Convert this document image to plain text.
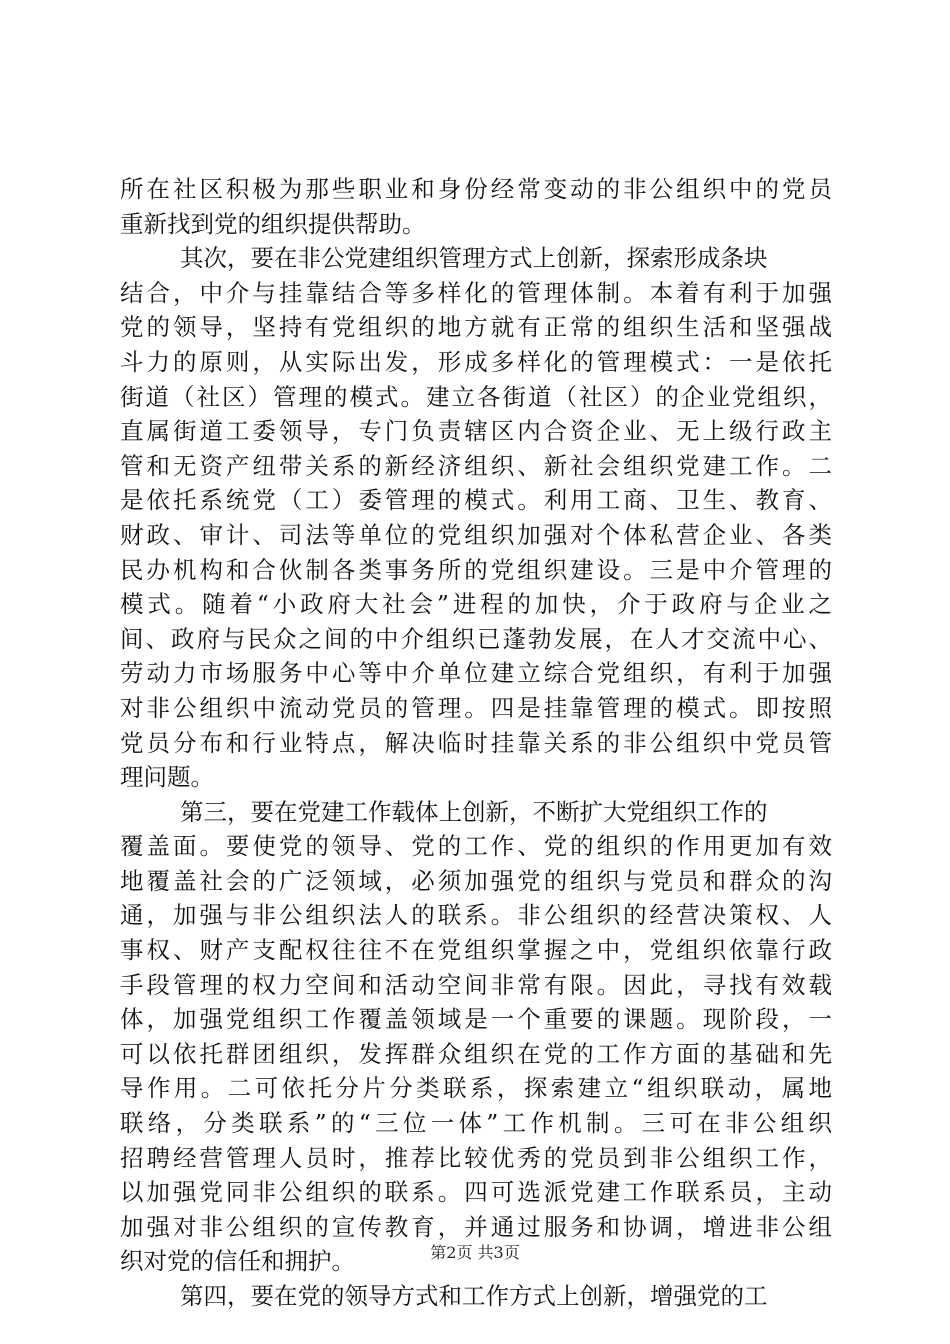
所在社区积极为那些职业和身份经常变动的非公组织中的党员
重新找到党的组织提供帮助。
其次，要在非公党建组织管理方式上创新，探索形成条块
结合，中介与挂靠结合等多样化的管理体制。本着有利于加强
党的领导，坚持有党组织的地方就有正常的组织生活和坚强战
斗力的原则，从实际出发，形成多样化的管理模式：一是依托
街道（社区）管理的模式。建立各街道（社区）的企业党组织，
直属街道工委领导，专门负责辖区内合资企业、无上级行政主
管和无资产纽带关系的新经济组织、新社会组织党建工作。二
是依托系统党（工）委管理的模式。利用工商、卫生、教育、
财政、审计、司法等单位的党组织加强对个体私营企业、各类
民办机构和合伙制各类事务所的党组织建设。三是中介管理的
模式。随着“小政府大社会”进程的加快，介于政府与企业之
间、政府与民众之间的中介组织已蓬勃发展，在人才交流中心、
劳动力市场服务中心等中介单位建立综合党组织，有利于加强
对非公组织中流动党员的管理。四是挂靠管理的模式。即按照
党员分布和行业特点，解决临时挂靠关系的非公组织中党员管
理问题。
第三，要在党建工作载体上创新，不断扩大党组织工作的
覆盖面。要使党的领导、党的工作、党的组织的作用更加有效
地覆盖社会的广泛领域，必须加强党的组织与党员和群众的沟
通，加强与非公组织法人的联系。非公组织的经营决策权、人
事权、财产支配权往往不在党组织掌握之中，党组织依靠行政
手段管理的权力空间和活动空间非常有限。因此，寻找有效载
体，加强党组织工作覆盖领域是一个重要的课题。现阶段，一
可以依托群团组织，发挥群众组织在党的工作方面的基础和先
导作用。二可依托分片分类联系，探索建立“组织联动，属地
联络，分类联系”的“三位一体”工作机制。三可在非公组织
招聘经营管理人员时，推荐比较优秀的党员到非公组织工作，
以加强党同非公组织的联系。四可选派党建工作联系员，主动
加强对非公组织的宣传教育，并通过服务和协调，增进非公组
织对党的信任和拥护。
第四，要在党的领导方式和工作方式上创新，增强党的工
第2页 共3页
